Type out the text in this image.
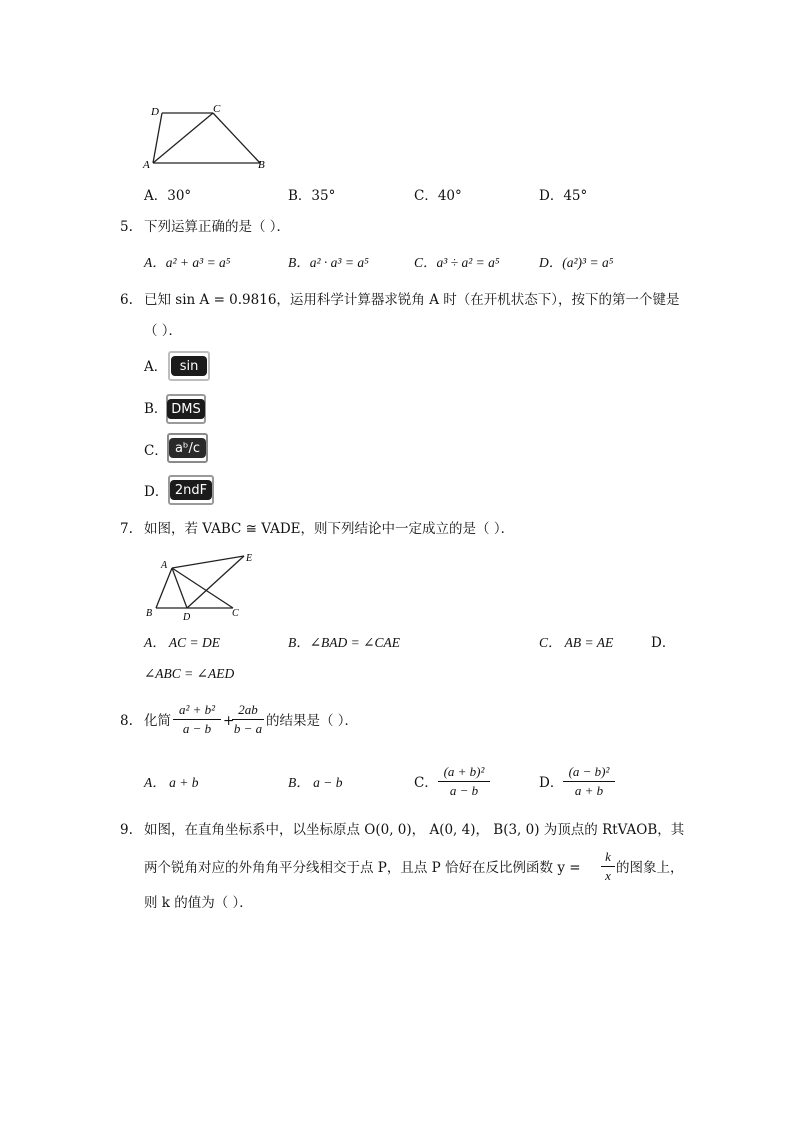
D	C
A	B
A．30°	B．35°	C．40°	D．45°
5. 下列运算正确的是（ ）．
A．a² + a³ = a⁵	B．a² · a³ = a⁵	C．a³ ÷ a² = a⁵	D．(a²)³ = a⁵
6. 已知 sin A = 0.9816，运用科学计算器求锐角 A 时（在开机状态下），按下的第一个键是
（ ）．
A． sin
B． DMS
C． aᵇ/c
D． 2ndF
7. 如图，若 VABC ≅ VADE，则下列结论中一定成立的是（ ）．
A
E
B	D	C
A． AC = DE	B．∠BAD = ∠CAE	C． AB = AE	D．
∠ABC = ∠AED
8. 化简
a² + b²
a − b +
2ab
b − a 的结果是（ ）．
A． a + b	B． a − b	C．
(a + b)²
a − b	D．
(a − b)²
a + b
9. 如图，在直角坐标系中，以坐标原点 O(0, 0)， A(0, 4)， B(3, 0) 为顶点的 RtVAOB，其
两个锐角对应的外角角平分线相交于点 P，且点 P 恰好在反比例函数 y =
k
x 的图象上，
则 k 的值为（ ）．
